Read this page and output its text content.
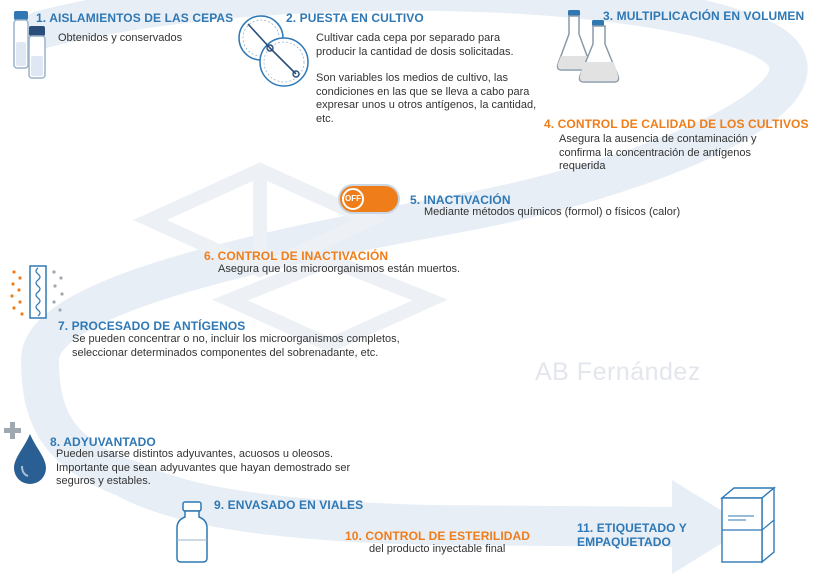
AB Fernández
1. AISLAMIENTOS DE LAS CEPAS
Obtenidos y conservados
2. PUESTA EN CULTIVO
Cultivar cada cepa por separado para producir la cantidad de dosis solicitadas.
Son variables los medios de cultivo, las condiciones en las que se lleva a cabo para expresar unos u otros antígenos, la cantidad, etc.
3. MULTIPLICACIÓN EN VOLUMEN
4. CONTROL DE CALIDAD DE LOS CULTIVOS
Asegura la ausencia de contaminación y confirma la concentración de antígenos requerida
OFF	5. INACTIVACIÓN
Mediante métodos químicos (formol) o físicos (calor)
6. CONTROL DE INACTIVACIÓN
Asegura que los microorganismos están muertos.
7. PROCESADO DE ANTÍGENOS
Se pueden concentrar o no, incluir los microorganismos completos, seleccionar determinados componentes del sobrenadante, etc.
8. ADYUVANTADO
Pueden usarse distintos adyuvantes, acuosos u oleosos. Importante que sean adyuvantes que hayan demostrado ser seguros y estables.
9. ENVASADO EN VIALES
10. CONTROL DE ESTERILIDAD
del producto inyectable final
11. ETIQUETADO Y
EMPAQUETADO
